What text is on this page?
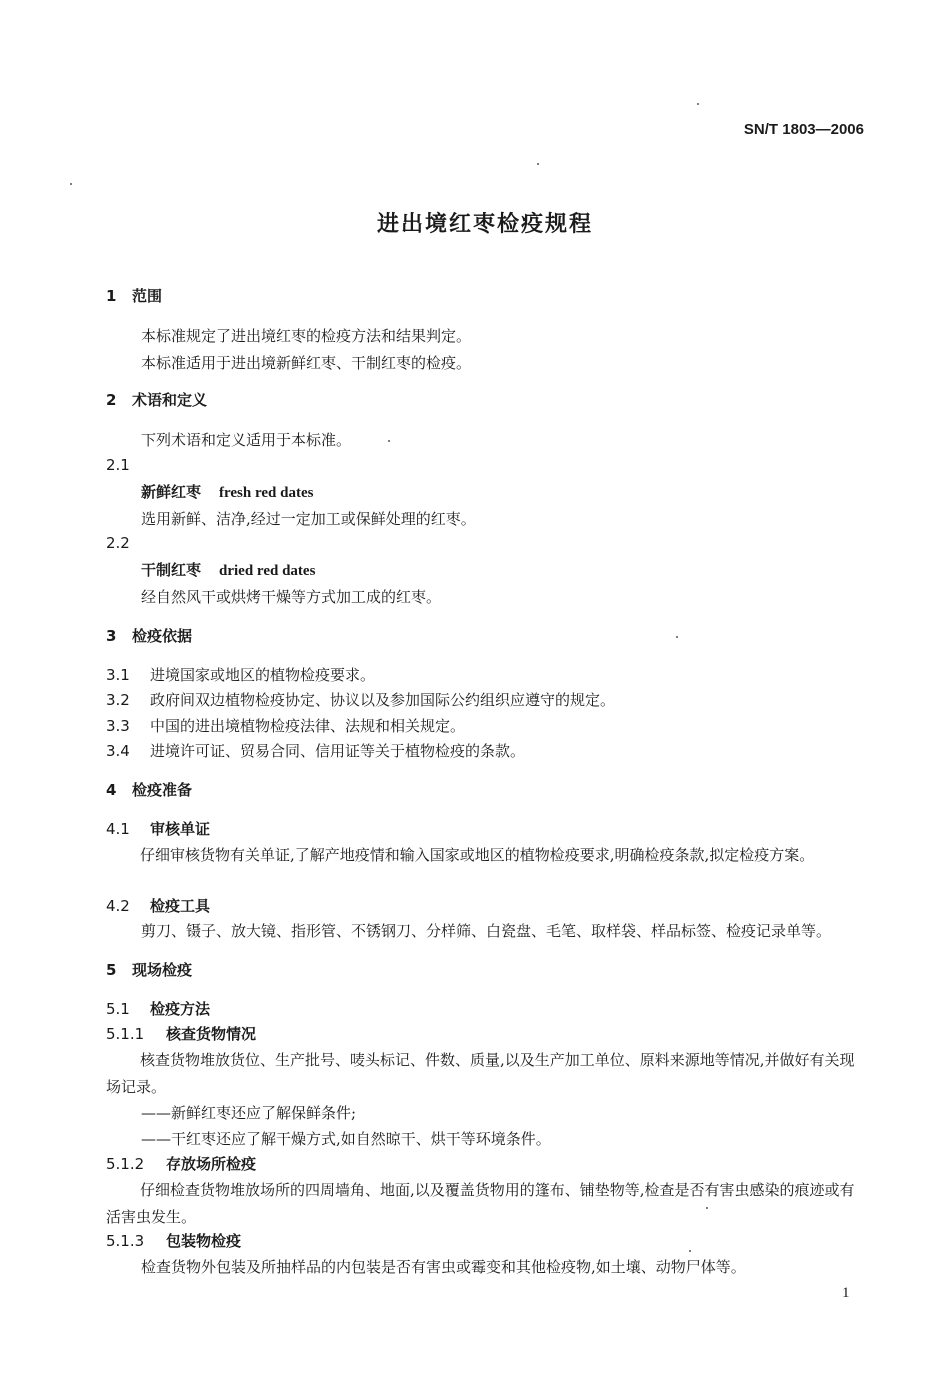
SN/T 1803—2006
进出境红枣检疫规程
1 范围
本标准规定了进出境红枣的检疫方法和结果判定。
本标准适用于进出境新鲜红枣、干制红枣的检疫。
2 术语和定义
下列术语和定义适用于本标准。
2.1
新鲜红枣 fresh red dates
选用新鲜、洁净,经过一定加工或保鲜处理的红枣。
2.2
干制红枣 dried red dates
经自然风干或烘烤干燥等方式加工成的红枣。
3 检疫依据
3.1 进境国家或地区的植物检疫要求。
3.2 政府间双边植物检疫协定、协议以及参加国际公约组织应遵守的规定。
3.3 中国的进出境植物检疫法律、法规和相关规定。
3.4 进境许可证、贸易合同、信用证等关于植物检疫的条款。
4 检疫准备
4.1 审核单证
仔细审核货物有关单证,了解产地疫情和输入国家或地区的植物检疫要求,明确检疫条款,拟定检疫方案。
4.2 检疫工具
剪刀、镊子、放大镜、指形管、不锈钢刀、分样筛、白瓷盘、毛笔、取样袋、样品标签、检疫记录单等。
5 现场检疫
5.1 检疫方法
5.1.1 核查货物情况
核查货物堆放货位、生产批号、唛头标记、件数、质量,以及生产加工单位、原料来源地等情况,并做好有关现场记录。
——新鲜红枣还应了解保鲜条件;
——干红枣还应了解干燥方式,如自然晾干、烘干等环境条件。
5.1.2 存放场所检疫
仔细检查货物堆放场所的四周墙角、地面,以及覆盖货物用的篷布、铺垫物等,检查是否有害虫感染的痕迹或有活害虫发生。
5.1.3 包装物检疫
检查货物外包装及所抽样品的内包装是否有害虫或霉变和其他检疫物,如土壤、动物尸体等。
1
